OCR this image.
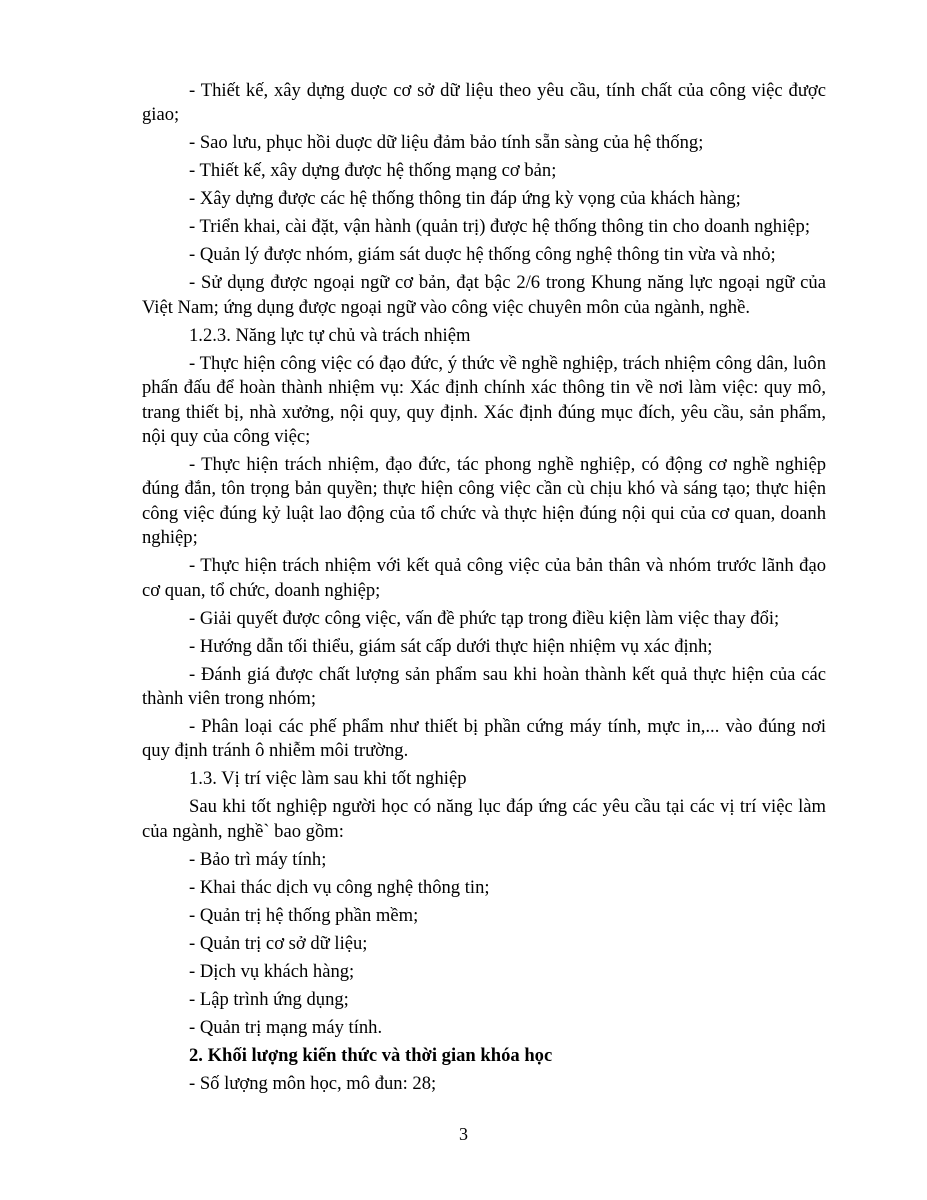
- Thiết kế, xây dựng duợc cơ sở dữ liệu theo yêu cầu, tính chất của công việc được giao;

- Sao lưu, phục hồi duợc dữ liệu đảm bảo tính sẵn sàng của hệ thống;

- Thiết kế, xây dựng được hệ thống mạng cơ bản;

- Xây dựng được các hệ thống thông tin đáp ứng kỳ vọng của khách hàng;

- Triển khai, cài đặt, vận hành (quản trị) được hệ thống thông tin cho doanh nghiệp;

- Quản lý được nhóm, giám sát duợc hệ thống công nghệ thông tin vừa và nhỏ;

- Sử dụng được ngoại ngữ cơ bản, đạt bậc 2/6 trong Khung năng lực ngoại ngữ của Việt Nam; ứng dụng được ngoại ngữ vào công việc chuyên môn của ngành, nghề.

1.2.3. Năng lực tự chủ và trách nhiệm

- Thực hiện công việc có đạo đức, ý thức về nghề nghiệp, trách nhiệm công dân, luôn phấn đấu để hoàn thành nhiệm vụ: Xác định chính xác thông tin về nơi làm việc: quy mô, trang thiết bị, nhà xưởng, nội quy, quy định. Xác định đúng mục đích, yêu cầu, sản phẩm, nội quy của công việc;

- Thực hiện trách nhiệm, đạo đức, tác phong nghề nghiệp, có động cơ nghề nghiệp đúng đắn, tôn trọng bản quyền; thực hiện công việc cần cù chịu khó và sáng tạo; thực hiện công việc đúng kỷ luật lao động của tổ chức và thực hiện đúng nội qui của cơ quan, doanh nghiệp;

- Thực hiện trách nhiệm với kết quả công việc của bản thân và nhóm trước lãnh đạo cơ quan, tổ chức, doanh nghiệp;

- Giải quyết được công việc, vấn đề phức tạp trong điều kiện làm việc thay đổi;

- Hướng dẫn tối thiểu, giám sát cấp dưới thực hiện nhiệm vụ xác định;

- Đánh giá được chất lượng sản phẩm sau khi hoàn thành kết quả thực hiện của các thành viên trong nhóm;

- Phân loại các phế phẩm như thiết bị phần cứng máy tính, mực in,... vào đúng nơi quy định tránh ô nhiễm môi trường.

1.3. Vị trí việc làm sau khi tốt nghiệp

Sau khi tốt nghiệp người học có năng lục đáp ứng các yêu cầu tại các vị trí việc làm của ngành, nghề` bao gồm:

- Bảo trì máy tính;

- Khai thác dịch vụ công nghệ thông tin;

- Quản trị hệ thống phần mềm;

- Quản trị cơ sở dữ liệu;

- Dịch vụ khách hàng;

- Lập trình ứng dụng;

- Quản trị mạng máy tính.

2. Khối lượng kiến thức và thời gian khóa học

- Số lượng môn học, mô đun: 28;

3
